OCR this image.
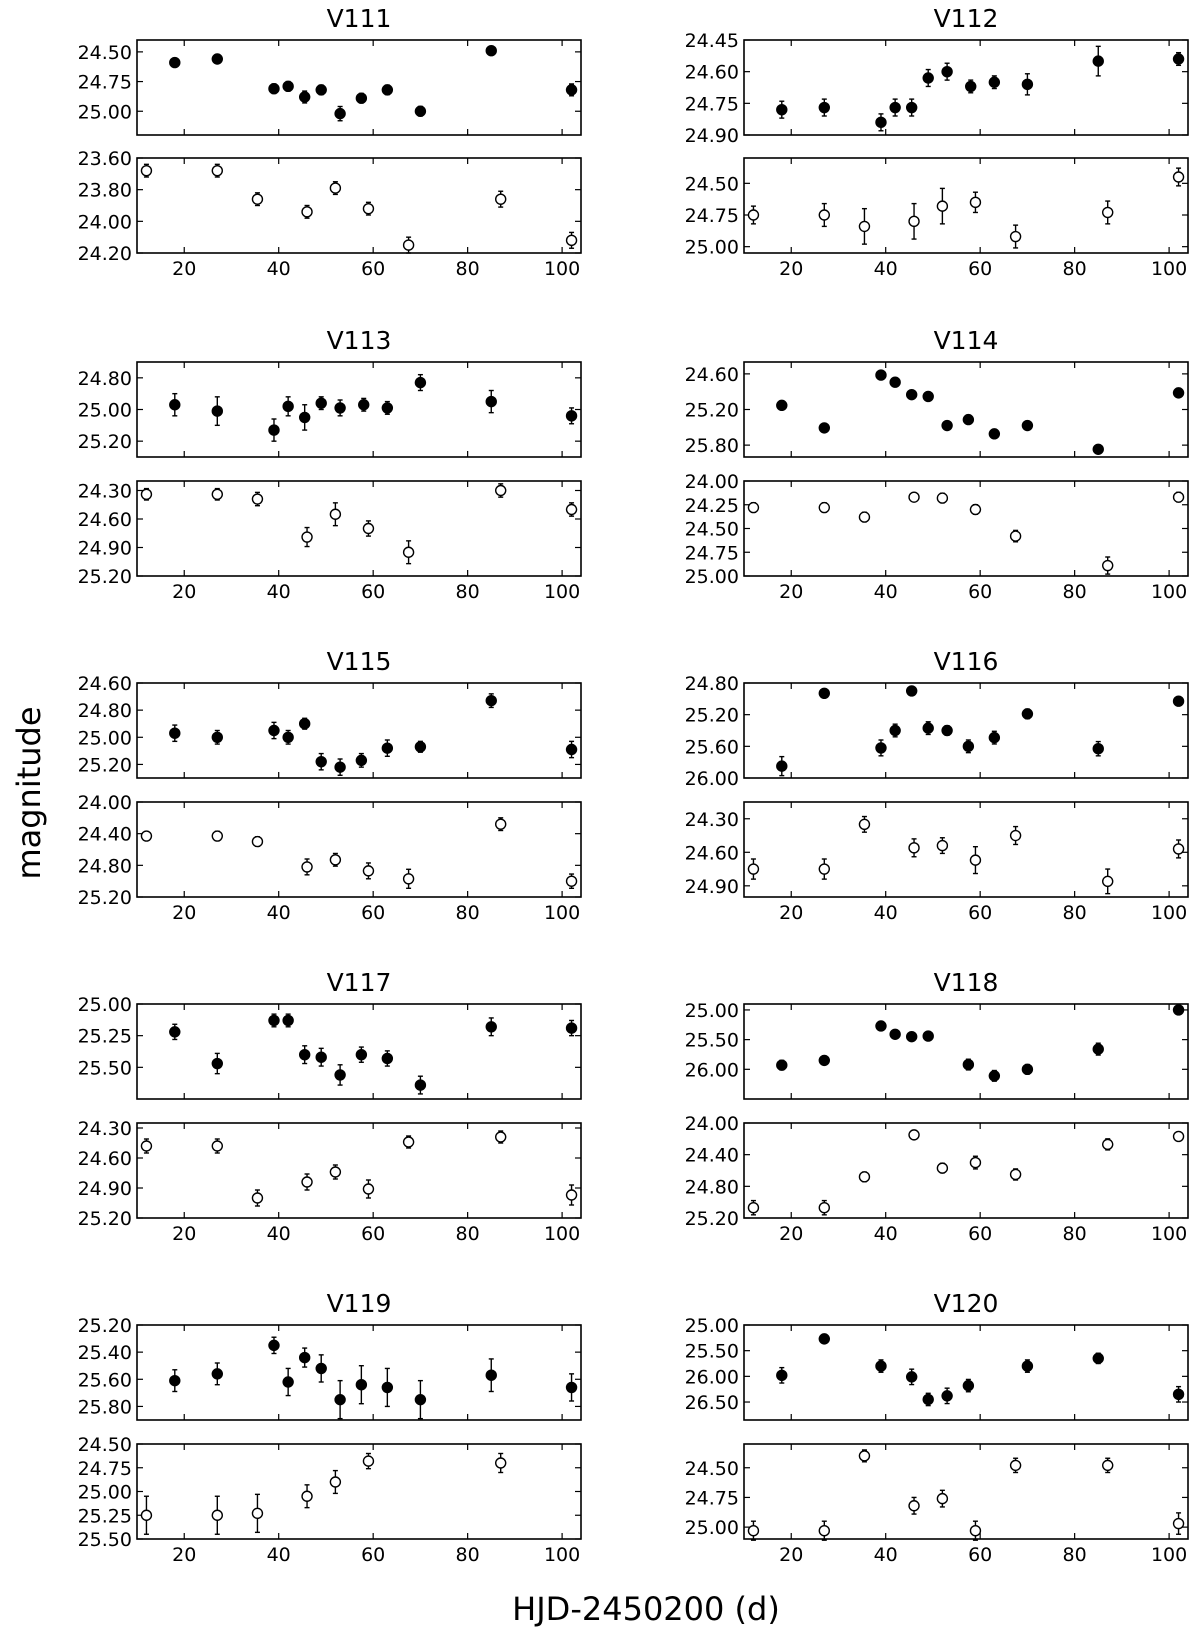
magnitude
HJD-2450200 (d)
V111
24.50
24.75
25.00
23.60
23.80
24.00
24.20
20	40	60	80	100
V112
24.45
24.60
24.75
24.90
24.50
24.75
25.00
20	40	60	80	100
V113
24.80
25.00
25.20
24.30
24.60
24.90
25.20
20	40	60	80	100
V114
24.60
25.20
25.80
24.00
24.25
24.50
24.75
25.00
20	40	60	80	100
V115
24.60
24.80
25.00
25.20
24.00
24.40
24.80
25.20
20	40	60	80	100
V116
24.80
25.20
25.60
26.00
24.30
24.60
24.90
20	40	60	80	100
V117
25.00
25.25
25.50
24.30
24.60
24.90
25.20
20	40	60	80	100
V118
25.00
25.50
26.00
24.00
24.40
24.80
25.20
20	40	60	80	100
V119
25.20
25.40
25.60
25.80
24.50
24.75
25.00
25.25
25.50
20	40	60	80	100
V120
25.00
25.50
26.00
26.50
24.50
24.75
25.00
20	40	60	80	100
